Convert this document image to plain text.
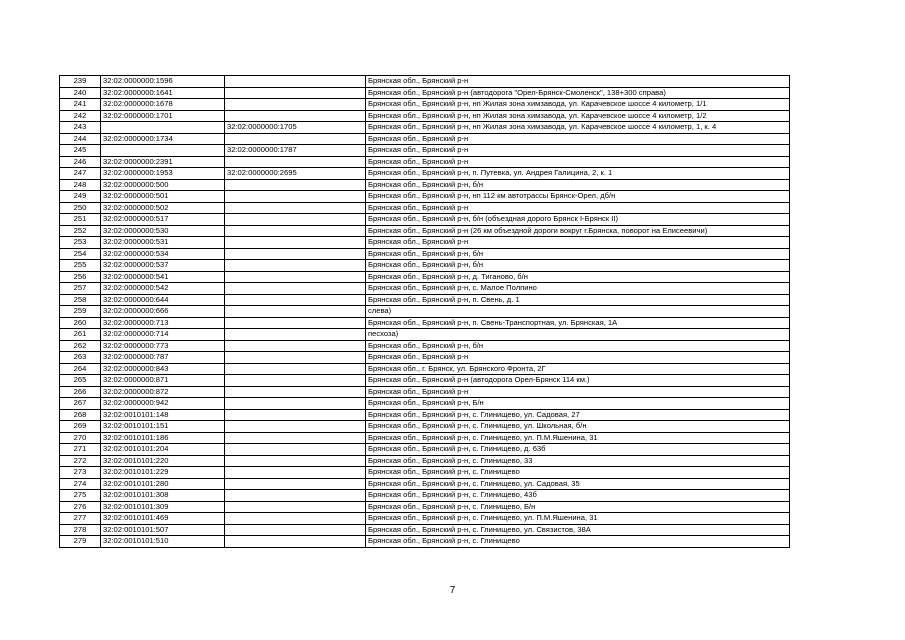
239	32:02:0000000:1596		Брянская обл., Брянский р-н
240	32:02:0000000:1641		Брянская обл., Брянский р-н (автодорога "Орел-Брянск-Смоленск", 138+300 справа)
241	32:02:0000000:1678		Брянская обл., Брянский р-н, нп Жилая зона химзавода, ул. Карачевское шоссе 4 километр, 1/1
242	32:02:0000000:1701		Брянская обл., Брянский р-н, нп Жилая зона химзавода, ул. Карачевское шоссе 4 километр, 1/2
243		32:02:0000000:1705	Брянская обл., Брянский р-н, нп Жилая зона химзавода, ул. Карачевское шоссе 4 километр, 1, к. 4
244	32:02:0000000:1734		Брянская обл., Брянский р-н
245		32:02:0000000:1787	Брянская обл., Брянский р-н
246	32:02:0000000:2391		Брянская обл., Брянский р-н
247	32:02:0000000:1953	32:02:0000000:2695	Брянская обл., Брянский р-н, п. Путевка, ул. Андрея Галицина, 2, к. 1
248	32:02:0000000:500		Брянская обл., Брянский р-н, б/н
249	32:02:0000000:501		Брянская обл., Брянский р-н, нп 112 км автотрассы Брянск-Орел, дб/н
250	32:02:0000000:502		Брянская обл., Брянский р-н
251	32:02:0000000:517		Брянская обл., Брянский р-н, б/н (объездная дорого Брянск I-Брянск II)
252	32:02:0000000:530		Брянская обл., Брянский р-н (26 км объездной дороги вокруг г.Брянска, поворот на Елисеевичи)
253	32:02:0000000:531		Брянская обл., Брянский р-н
254	32:02:0000000:534		Брянская обл., Брянский р-н, б/н
255	32:02:0000000:537		Брянская обл., Брянский р-н, б/н
256	32:02:0000000:541		Брянская обл., Брянский р-н, д. Тиганово, б/н
257	32:02:0000000:542		Брянская обл., Брянский р-н, с. Малое Полпино
258	32:02:0000000:644		Брянская обл., Брянский р-н, п. Свень, д. 1
259	32:02:0000000:666		слева)
260	32:02:0000000:713		Брянская обл., Брянский р-н, п. Свень-Транспортная, ул. Брянская, 1А
261	32:02:0000000:714		песхоза)
262	32:02:0000000:773		Брянская обл., Брянский р-н, б/н
263	32:02:0000000:787		Брянская обл., Брянский р-н
264	32:02:0000000:843		Брянская обл., г. Брянск, ул. Брянского Фронта, 2Г
265	32:02:0000000:871		Брянская обл., Брянский р-н (автодорога Орел-Брянск 114 км.)
266	32:02:0000000:872		Брянская обл., Брянский р-н
267	32:02:0000000:942		Брянская обл., Брянский р-н, Б/н
268	32:02:0010101:148		Брянская обл., Брянский р-н, с. Глинищево, ул. Садовая, 27
269	32:02:0010101:151		Брянская обл., Брянский р-н, с. Глинищево, ул. Школьная, б/н
270	32:02:0010101:186		Брянская обл., Брянский р-н, с. Глинищево, ул. П.М.Яшенина, 31
271	32:02:0010101:204		Брянская обл., Брянский р-н, с. Глинищево, д. 63б
272	32:02:0010101:220		Брянская обл., Брянский р-н, с. Глинищево, 33
273	32:02:0010101:229		Брянская обл., Брянский р-н, с. Глинищево
274	32:02:0010101:280		Брянская обл., Брянский р-н, с. Глинищево, ул. Садовая, 35
275	32:02:0010101:308		Брянская обл., Брянский р-н, с. Глинищево, 43б
276	32:02:0010101:309		Брянская обл., Брянский р-н, с. Глинищево, Б/н
277	32:02:0010101:469		Брянская обл., Брянский р-н, с. Глинищево, ул. П.М.Яшенина, 31
278	32:02:0010101:507		Брянская обл., Брянский р-н, с. Глинищево, ул. Связистов, 38А
279	32:02:0010101:510		Брянская обл., Брянский р-н, с. Глинищево
7
